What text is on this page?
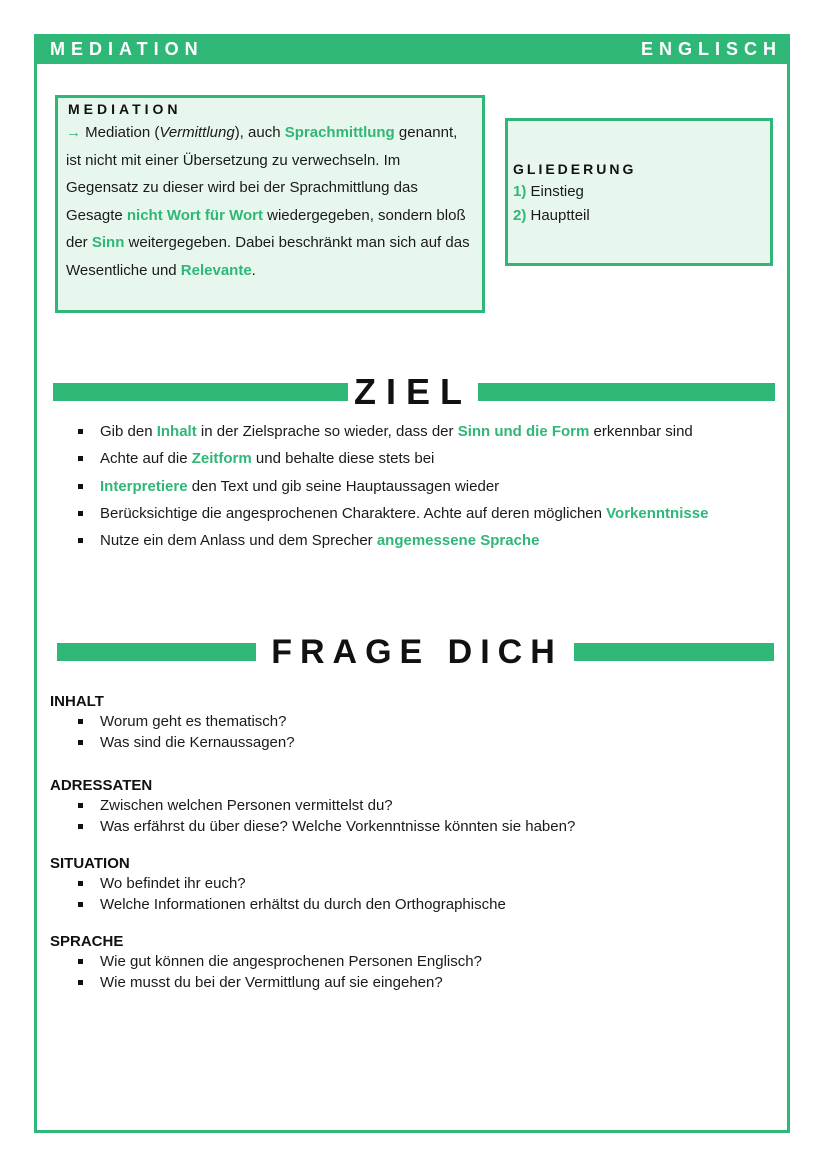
MEDIATION	ENGLISCH
MEDIATION

→ Mediation (Vermittlung), auch Sprachmittlung genannt, ist nicht mit einer Übersetzung zu verwechseln. Im Gegensatz zu dieser wird bei der Sprachmittlung das Gesagte nicht Wort für Wort wiedergegeben, sondern bloß der Sinn weitergegeben. Dabei beschränkt man sich auf das Wesentliche und Relevante.

GLIEDERUNG
1) Einstieg
2) Hauptteil
ZIEL
Gib den Inhalt in der Zielsprache so wieder, dass der Sinn und die Form erkennbar sind
Achte auf die Zeitform und behalte diese stets bei
Interpretiere den Text und gib seine Hauptaussagen wieder
Berücksichtige die angesprochenen Charaktere. Achte auf deren möglichen Vorkenntnisse
Nutze ein dem Anlass und dem Sprecher angemessene Sprache
FRAGE DICH
INHALT
Worum geht es thematisch?
Was sind die Kernaussagen?
ADRESSATEN
Zwischen welchen Personen vermittelst du?
Was erfährst du über diese? Welche Vorkenntnisse könnten sie haben?
SITUATION
Wo befindet ihr euch?
Welche Informationen erhältst du durch den Orthographische
SPRACHE
Wie gut können die angesprochenen Personen Englisch?
Wie musst du bei der Vermittlung auf sie eingehen?
